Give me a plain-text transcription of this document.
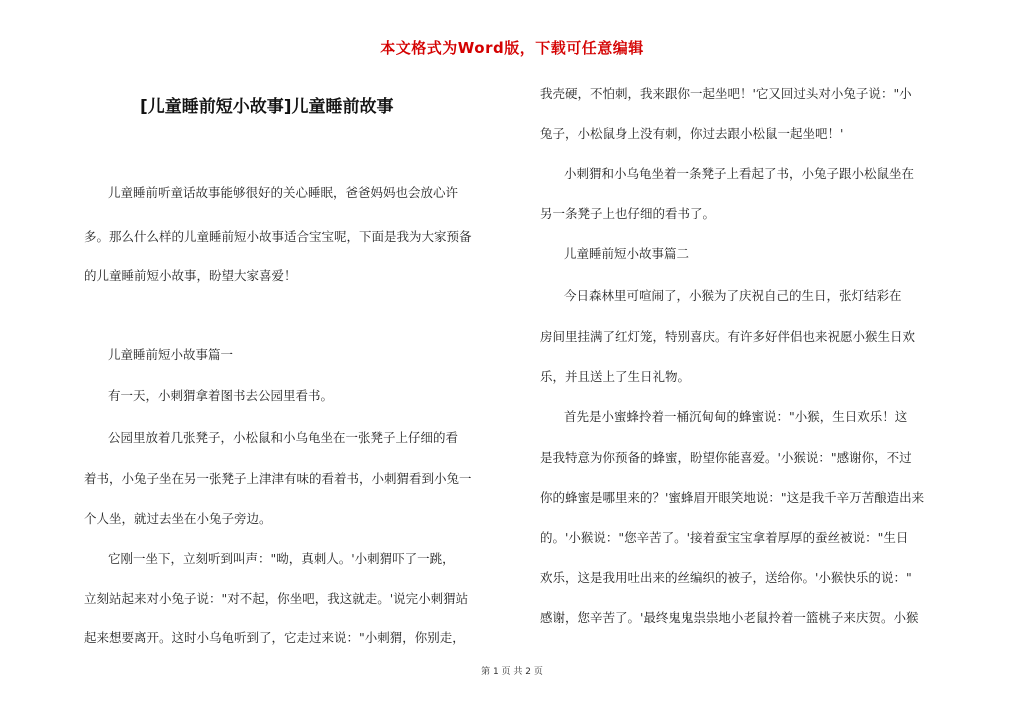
本文格式为Word版，下载可任意编辑
[儿童睡前短小故事]儿童睡前故事
儿童睡前听童话故事能够很好的关心睡眠，爸爸妈妈也会放心许
多。那么什么样的儿童睡前短小故事适合宝宝呢，下面是我为大家预备
的儿童睡前短小故事，盼望大家喜爱！
儿童睡前短小故事篇一
有一天，小刺猬拿着图书去公园里看书。
公园里放着几张凳子，小松鼠和小乌龟坐在一张凳子上仔细的看
着书，小兔子坐在另一张凳子上津津有味的看着书，小刺猬看到小兔一
个人坐，就过去坐在小兔子旁边。
它刚一坐下，立刻听到叫声："呦，真刺人。'小刺猬吓了一跳，
立刻站起来对小兔子说："对不起，你坐吧，我这就走。'说完小刺猬站
起来想要离开。这时小乌龟听到了，它走过来说："小刺猬，你别走，
我壳硬，不怕刺，我来跟你一起坐吧！'它又回过头对小兔子说："小
兔子，小松鼠身上没有刺，你过去跟小松鼠一起坐吧！'
小刺猬和小乌龟坐着一条凳子上看起了书，小兔子跟小松鼠坐在
另一条凳子上也仔细的看书了。
儿童睡前短小故事篇二
今日森林里可喧闹了，小猴为了庆祝自己的生日，张灯结彩在
房间里挂满了红灯笼，特别喜庆。有许多好伴侣也来祝愿小猴生日欢
乐，并且送上了生日礼物。
首先是小蜜蜂拎着一桶沉甸甸的蜂蜜说："小猴，生日欢乐！这
是我特意为你预备的蜂蜜，盼望你能喜爱。'小猴说："感谢你，不过
你的蜂蜜是哪里来的？'蜜蜂眉开眼笑地说："这是我千辛万苦酿造出来
的。'小猴说："您辛苦了。'接着蚕宝宝拿着厚厚的蚕丝被说："生日
欢乐，这是我用吐出来的丝编织的被子，送给你。'小猴快乐的说："
感谢，您辛苦了。'最终鬼鬼祟祟地小老鼠拎着一篮桃子来庆贺。小猴
第 1 页 共 2 页
